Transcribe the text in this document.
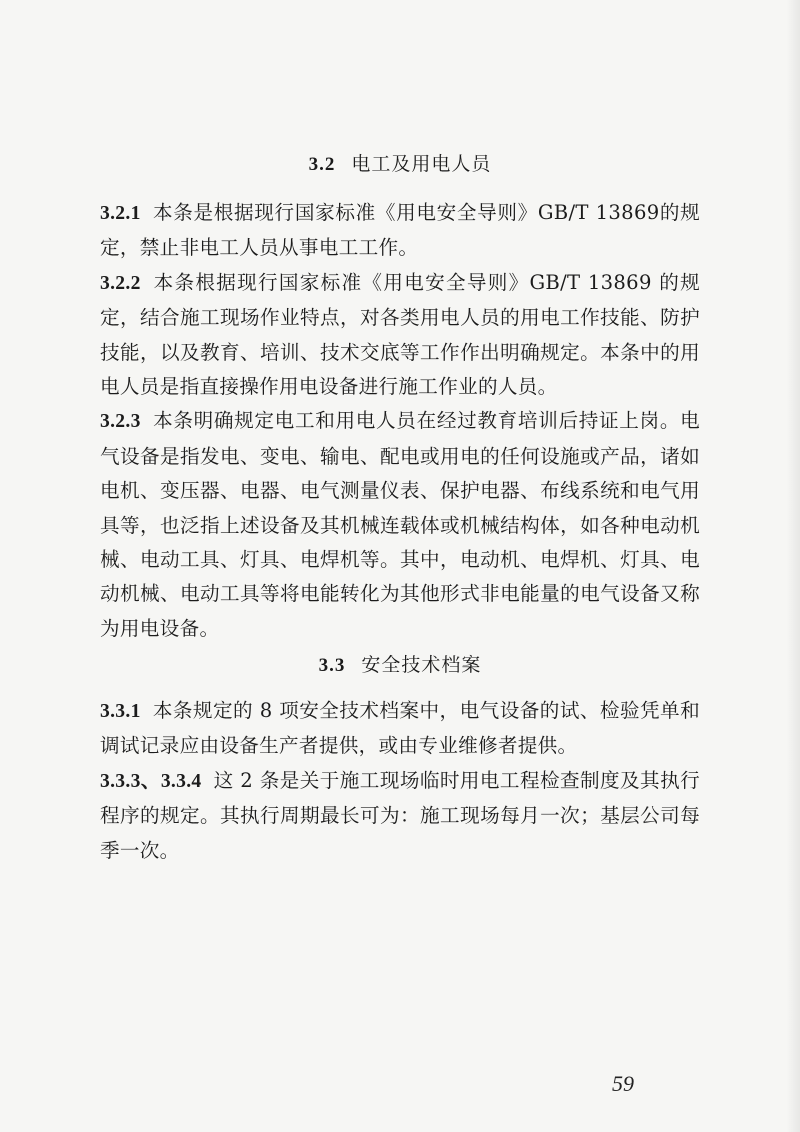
3.2 电工及用电人员
3.2.1 本条是根据现行国家标准《用电安全导则》GB/T 13869的规定，禁止非电工人员从事电工工作。
3.2.2 本条根据现行国家标准《用电安全导则》GB/T 13869 的规定，结合施工现场作业特点，对各类用电人员的用电工作技能、防护技能，以及教育、培训、技术交底等工作作出明确规定。本条中的用电人员是指直接操作用电设备进行施工作业的人员。
3.2.3 本条明确规定电工和用电人员在经过教育培训后持证上岗。电气设备是指发电、变电、输电、配电或用电的任何设施或产品，诸如电机、变压器、电器、电气测量仪表、保护电器、布线系统和电气用具等，也泛指上述设备及其机械连载体或机械结构体，如各种电动机械、电动工具、灯具、电焊机等。其中，电动机、电焊机、灯具、电动机械、电动工具等将电能转化为其他形式非电能量的电气设备又称为用电设备。
3.3 安全技术档案
3.3.1 本条规定的 8 项安全技术档案中，电气设备的试、检验凭单和调试记录应由设备生产者提供，或由专业维修者提供。
3.3.3、3.3.4 这 2 条是关于施工现场临时用电工程检查制度及其执行程序的规定。其执行周期最长可为：施工现场每月一次；基层公司每季一次。
59
